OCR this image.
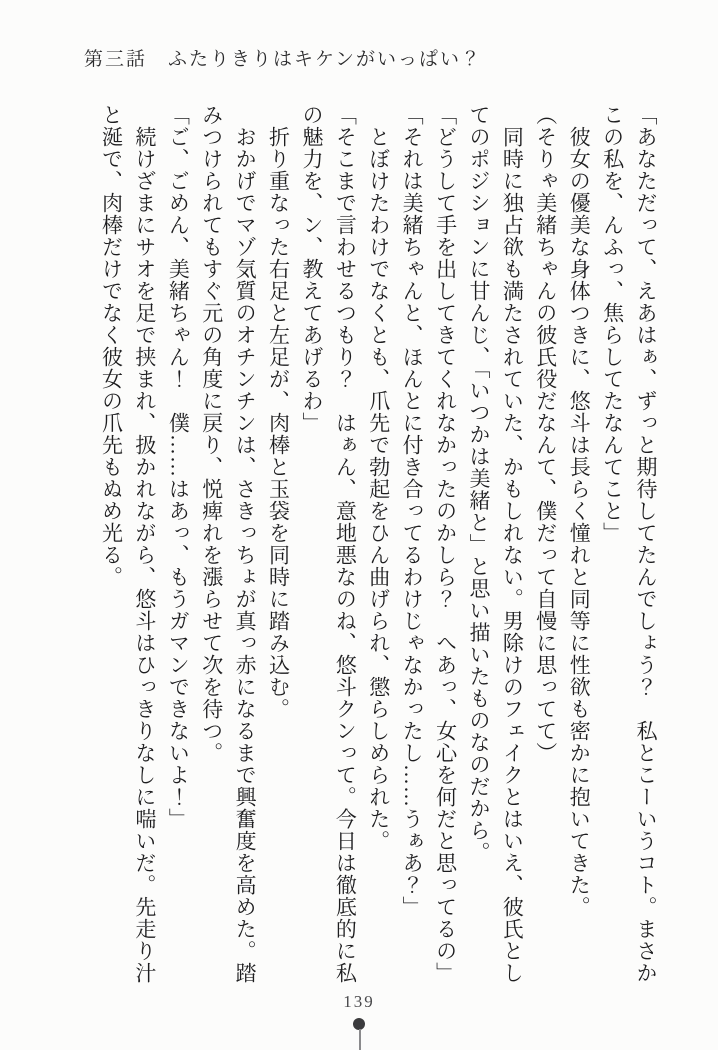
第三話　ふたりきりはキケンがいっぱい？

「あなただって、えあはぁ、ずっと期待してたんでしょう？　私とこーいうコト。まさか

この私を、んふっ、焦らしてたなんてこと」

　彼女の優美な身体つきに、悠斗は長らく憧れと同等に性欲も密かに抱いてきた。

（そりゃ美緒ちゃんの彼氏役だなんて、僕だって自慢に思ってて）

　同時に独占欲も満たされていた、かもしれない。男除けのフェイクとはいえ、彼氏とし

てのポジションに甘んじ、「いつかは美緒と」と思い描いたものなのだから。

「どうして手を出してきてくれなかったのかしら？　へあっ、女心を何だと思ってるの」

「それは美緒ちゃんと、ほんとに付き合ってるわけじゃなかったし……うぁあ？」

　とぼけたわけでなくとも、爪先で勃起をひん曲げられ、懲らしめられた。

「そこまで言わせるつもり？　はぁん、意地悪なのね、悠斗クンって。今日は徹底的に私

の魅力を、ン、教えてあげるわ」

　折り重なった右足と左足が、肉棒と玉袋を同時に踏み込む。

　おかげでマゾ気質のオチンチンは、さきっちょが真っ赤になるまで興奮度を高めた。踏

みつけられてもすぐ元の角度に戻り、悦痺れを漲らせて次を待つ。

「ご、ごめん、美緒ちゃん！　僕……はあっ、もうガマンできないよ！」

　続けざまにサオを足で挟まれ、扱かれながら、悠斗はひっきりなしに喘いだ。先走り汁

と涎で、肉棒だけでなく彼女の爪先もぬめ光る。

139
